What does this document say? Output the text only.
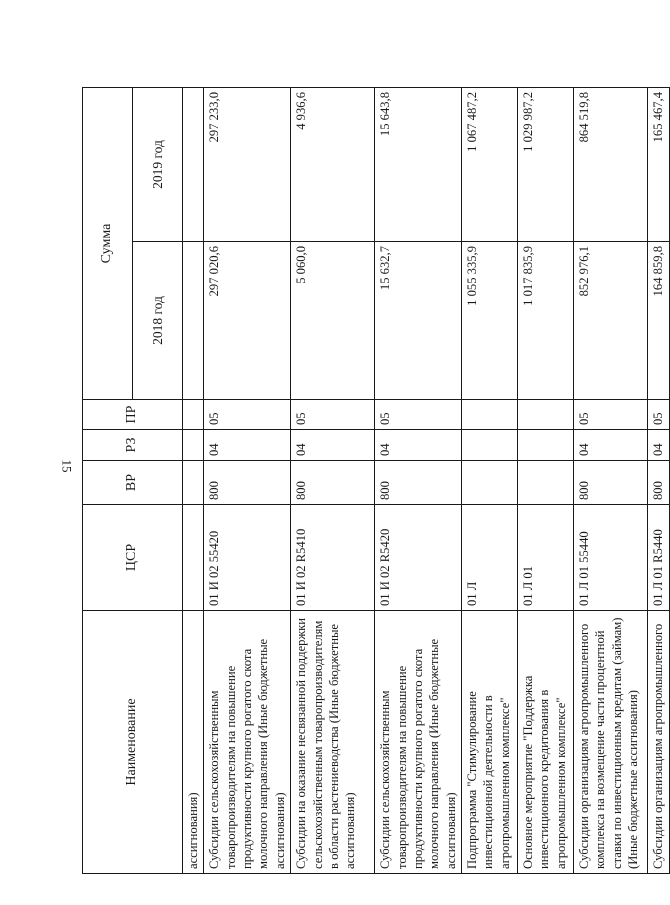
15
Наименование	ЦСР	ВР	РЗ	ПР	Сумма	
					2018 год	2019 год
ассигнования)						
Субсидии сельскохозяйственным товаропроизводителям на повышение продуктивности крупного рогатого скота молочного направления (Иные бюджетные ассигнования)	01 И 02 55420	800	04	05	297 020,6	297 233,0
Субсидии на оказание несвязанной поддержки сельскохозяйственным товаропроизводителям в области растениеводства (Иные бюджетные ассигнования)	01 И 02 R5410	800	04	05	5 060,0	4 936,6
Субсидии сельскохозяйственным товаропроизводителям на повышение продуктивности крупного рогатого скота молочного направления (Иные бюджетные ассигнования)	01 И 02 R5420	800	04	05	15 632,7	15 643,8
Подпрограмма "Стимулирование инвестиционной деятельности в агропромышленном комплексе"	01 Л				1 055 335,9	1 067 487,2
Основное мероприятие "Поддержка инвестиционного кредитования в агропромышленном комплексе"	01 Л 01				1 017 835,9	1 029 987,2
Субсидии организациям агропромышленного комплекса на возмещение части процентной ставки по инвестиционным кредитам (займам) (Иные бюджетные ассигнования)	01 Л 01 55440	800	04	05	852 976,1	864 519,8
Субсидии организациям агропромышленного	01 Л 01 R5440	800	04	05	164 859,8	165 467,4
